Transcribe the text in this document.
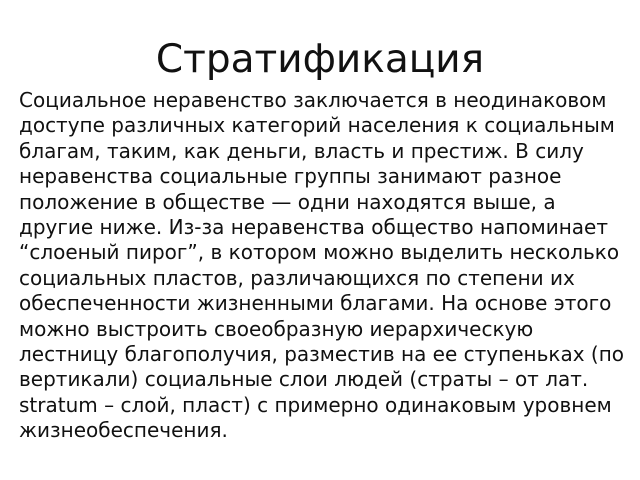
Стратификация

Социальное неравенство заключается в неодинаковом доступе различных категорий населения к социальным благам, таким, как деньги, власть и престиж. В силу неравенства социальные группы занимают разное положение в обществе — одни находятся выше, а другие ниже. Из-за неравенства общество напоминает “слоеный пирог”, в котором можно выделить несколько социальных пластов, различающихся по степени их обеспеченности жизненными благами. На основе этого можно выстроить своеобразную иерархическую лестницу благополучия, разместив на ее ступеньках (по вертикали) социальные слои людей (страты – от лат. stratum – слой, пласт) с примерно одинаковым уровнем жизнеобеспечения.
